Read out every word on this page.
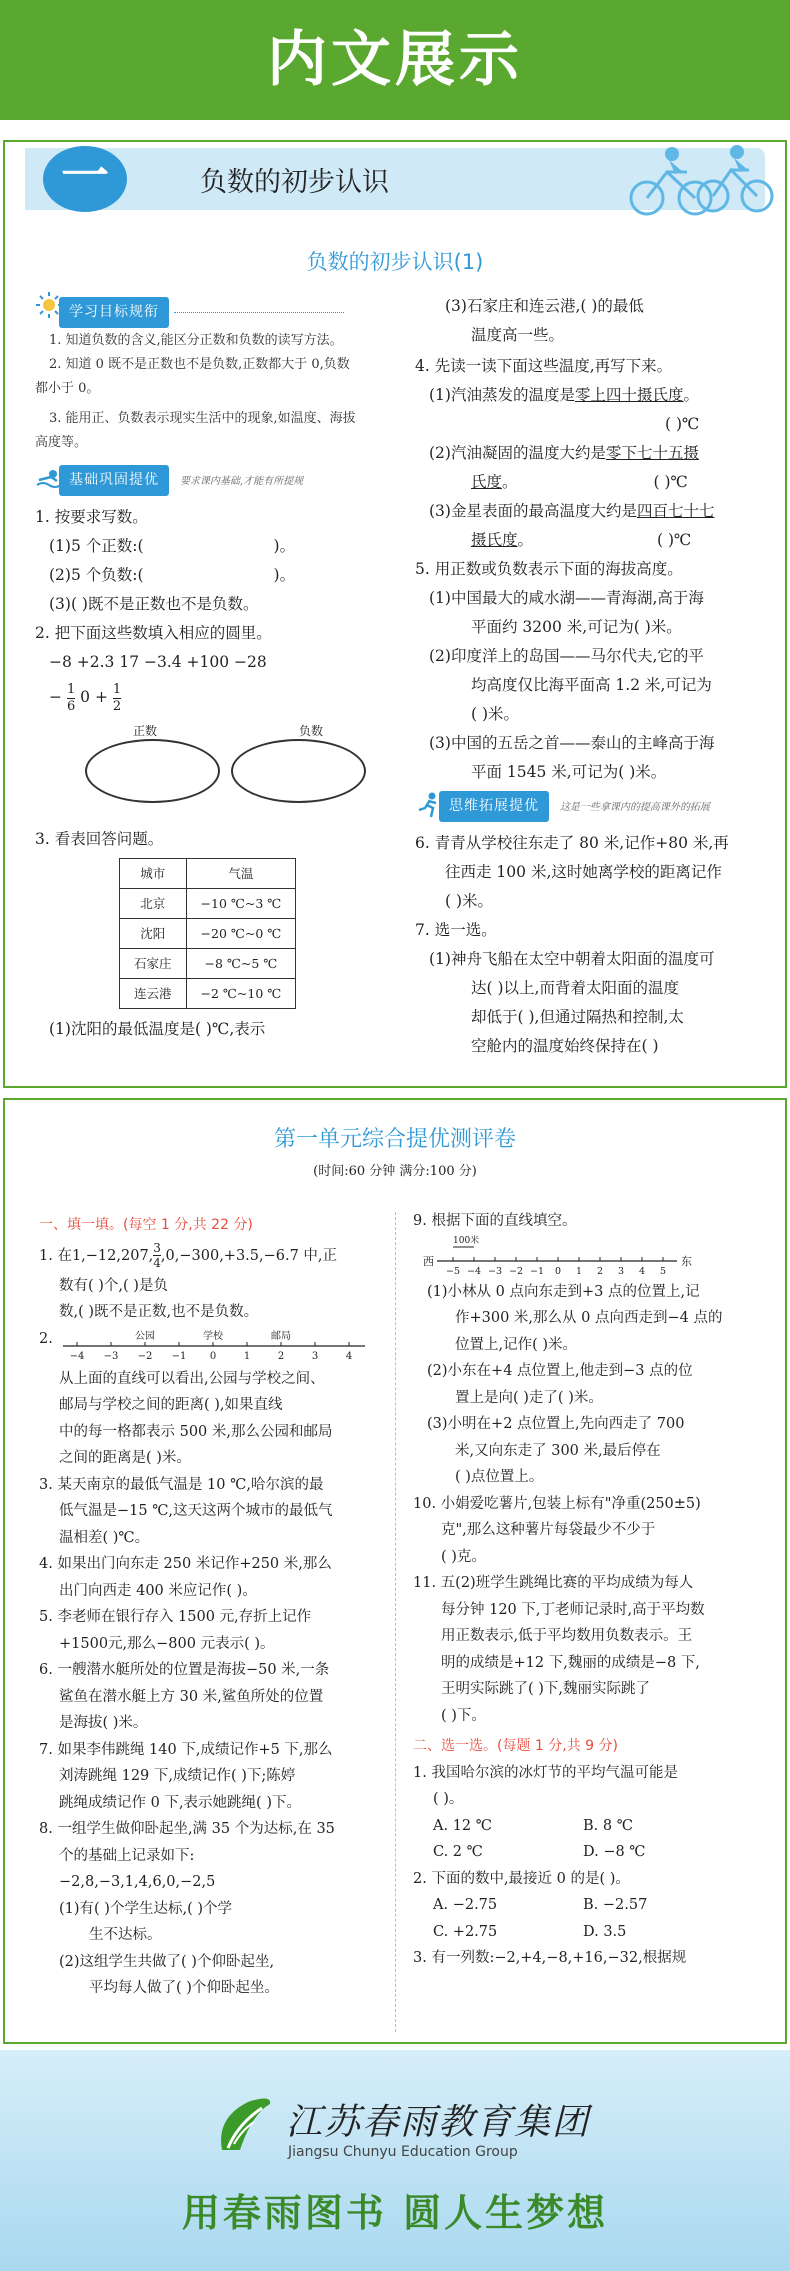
内文展示
一	负数的初步认识
负数的初步认识(1)
学习目标规衔
1. 知道负数的含义,能区分正数和负数的读写方法。
2. 知道 0 既不是正数也不是负数,正数都大于 0,负数
都小于 0。
3. 能用正、负数表示现实生活中的现象,如温度、海拔
高度等。
基础巩固提优 要求课内基础,才能有所提规
1. 按要求写数。
(1)5 个正数:(	)。
(2)5 个负数:(	)。
(3)( )既不是正数也不是负数。
2. 把下面这些数填入相应的圆里。
−8 +2.3 17 −3.4 +100 −28
− $\frac{1}{6} 0 + \frac{1}{2}$
正数	负数
3. 看表回答问题。
城市	气温
北京	−10 ℃~3 ℃
沈阳	−20 ℃~0 ℃
石家庄	−8 ℃~5 ℃
连云港	−2 ℃~10 ℃
(1)沈阳的最低温度是( )℃,表示
(3)石家庄和连云港,( )的最低
温度高一些。
4. 先读一读下面这些温度,再写下来。
(1)汽油蒸发的温度是零上四十摄氏度。
( )℃
(2)汽油凝固的温度大约是零下七十五摄
氏度。	( )℃
(3)金星表面的最高温度大约是四百七十七
摄氏度。	( )℃
5. 用正数或负数表示下面的海拔高度。
(1)中国最大的咸水湖——青海湖,高于海
平面约 3200 米,可记为( )米。
(2)印度洋上的岛国——马尔代夫,它的平
均高度仅比海平面高 1.2 米,可记为
( )米。
(3)中国的五岳之首——泰山的主峰高于海
平面 1545 米,可记为( )米。
思维拓展提优 这是一些拿课内的提高课外的拓展
6. 青青从学校往东走了 80 米,记作+80 米,再
往西走 100 米,这时她离学校的距离记作
( )米。
7. 选一选。
(1)神舟飞船在太空中朝着太阳面的温度可
达( )以上,而背着太阳面的温度
却低于( ),但通过隔热和控制,太
空舱内的温度始终保持在( )
第一单元综合提优测评卷
(时间:60 分钟 满分:100 分)
一、填一填。(每空 1 分,共 22 分)
1. 在1,−12,207, $\frac{3}{4} ,0,-300,+3.5,-6.7$ 中,正
数有( )个,( )是负
数,( )既不是正数,也不是负数。
2.
−4 −3 −2 −1 0	1	2	3	4
公园	学校	邮局
从上面的直线可以看出,公园与学校之间、
邮局与学校之间的距离( ),如果直线
中的每一格都表示 500 米,那么公园和邮局
之间的距离是( )米。
3. 某天南京的最低气温是 10 ℃,哈尔滨的最
低气温是−15 ℃,这天这两个城市的最低气
温相差( )℃。
4. 如果出门向东走 250 米记作+250 米,那么
出门向西走 400 米应记作( )。
5. 李老师在银行存入 1500 元,存折上记作
+1500元,那么−800 元表示( )。
6. 一艘潜水艇所处的位置是海拔−50 米,一条
鲨鱼在潜水艇上方 30 米,鲨鱼所处的位置
是海拔( )米。
7. 如果李伟跳绳 140 下,成绩记作+5 下,那么
刘涛跳绳 129 下,成绩记作( )下;陈婷
跳绳成绩记作 0 下,表示她跳绳( )下。
8. 一组学生做仰卧起坐,满 35 个为达标,在 35
个的基础上记录如下:
−2,8,−3,1,4,6,0,−2,5
(1)有( )个学生达标,( )个学
生不达标。
(2)这组学生共做了( )个仰卧起坐,
平均每人做了( )个仰卧起坐。
9. 根据下面的直线填空。
西	东
100米
−5 −4 −3 −2 −1 0 1 2 3 4 5
(1)小林从 0 点向东走到+3 点的位置上,记
作+300 米,那么从 0 点向西走到−4 点的
位置上,记作( )米。
(2)小东在+4 点位置上,他走到−3 点的位
置上是向( )走了( )米。
(3)小明在+2 点位置上,先向西走了 700
米,又向东走了 300 米,最后停在
( )点位置上。
10. 小娟爱吃薯片,包装上标有"净重(250±5)
克",那么这种薯片每袋最少不少于
( )克。
11. 五(2)班学生跳绳比赛的平均成绩为每人
每分钟 120 下,丁老师记录时,高于平均数
用正数表示,低于平均数用负数表示。王
明的成绩是+12 下,魏丽的成绩是−8 下,
王明实际跳了( )下,魏丽实际跳了
( )下。
二、选一选。(每题 1 分,共 9 分)
1. 我国哈尔滨的冰灯节的平均气温可能是
( )。
A. 12 ℃	B. 8 ℃
C. 2 ℃	D. −8 ℃
2. 下面的数中,最接近 0 的是( )。
A. −2.75	B. −2.57
C. +2.75	D. 3.5
3. 有一列数:−2,+4,−8,+16,−32,根据规
江苏春雨教育集团
Jiangsu Chunyu Education Group
用春雨图书 圆人生梦想
